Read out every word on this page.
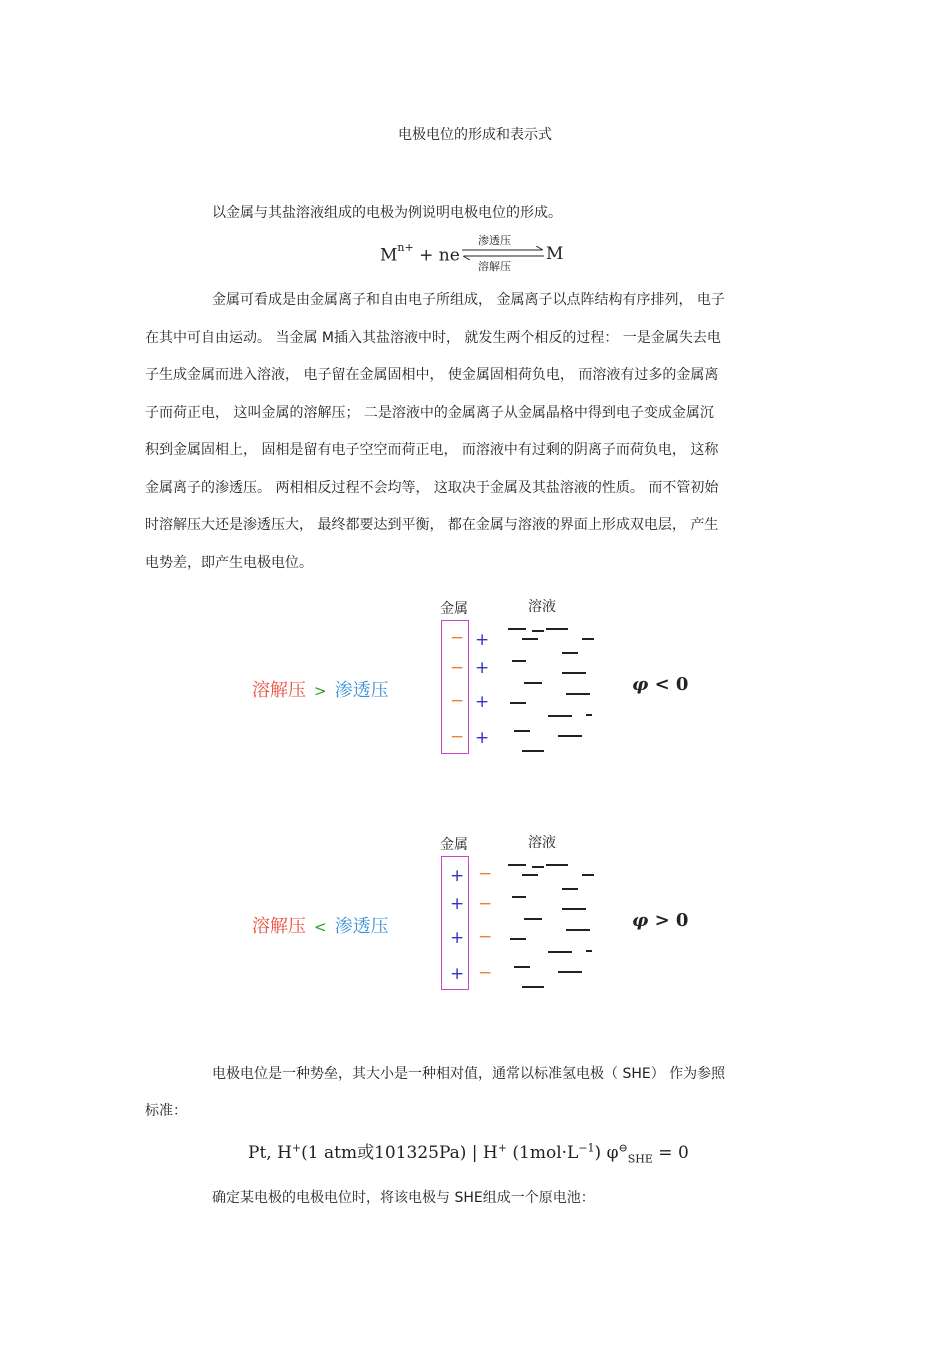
电极电位的形成和表示式
以金属与其盐溶液组成的电极为例说明电极电位的形成。
$M^{n+}$ + ne
渗透压
溶解压
M
金属可看成是由金属离子和自由电子所组成， 金属离子以点阵结构有序排列， 电子
在其中可自由运动。 当金属 M插入其盐溶液中时， 就发生两个相反的过程： 一是金属失去电
子生成金属而进入溶液， 电子留在金属固相中， 使金属固相荷负电， 而溶液有过多的金属离
子而荷正电， 这叫金属的溶解压； 二是溶液中的金属离子从金属晶格中得到电子变成金属沉
积到金属固相上， 固相是留有电子空空而荷正电， 而溶液中有过剩的阴离子而荷负电， 这称
金属离子的渗透压。 两相相反过程不会均等， 这取决于金属及其盐溶液的性质。 而不管初始
时溶解压大还是渗透压大， 最终都要达到平衡， 都在金属与溶液的界面上形成双电层， 产生
电势差，即产生电极电位。
金属	溶液
−
−
−
−
+
+
+
+
溶解压 > 渗透压	φ < 0
金属	溶液
+
+
+
+
−
−
−
−
溶解压 < 渗透压	φ > 0
电极电位是一种势垒，其大小是一种相对值，通常以标准氢电极（ SHE） 作为参照
标准：
Pt, H+(1 atm或101325Pa) | H+ $(1mol\cdot L^{-1}) \varphi^⊖_{SHE} = 0$
确定某电极的电极电位时，将该电极与 SHE组成一个原电池：
